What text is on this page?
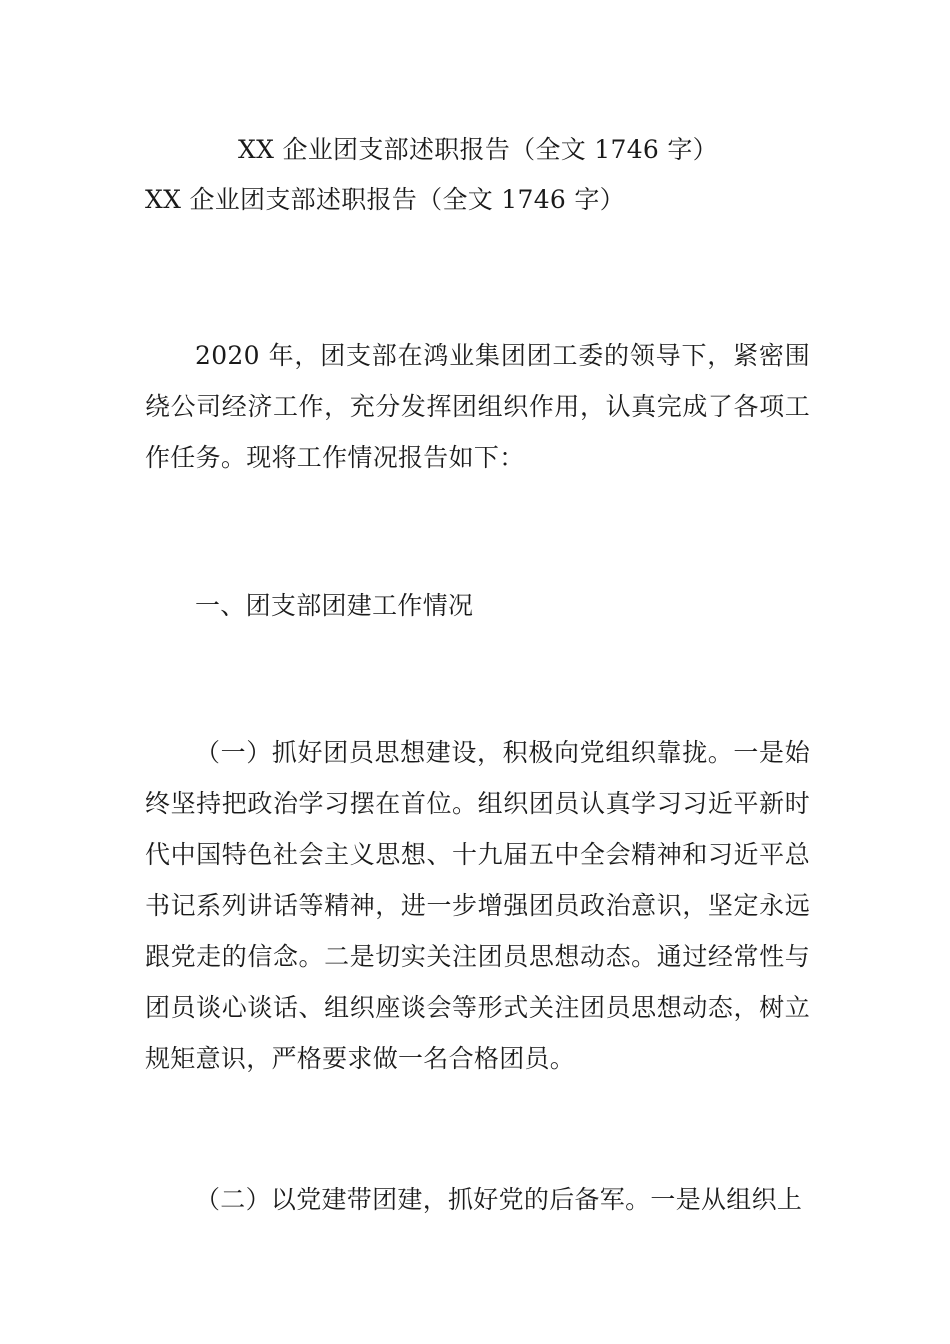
XX 企业团支部述职报告（全文 1746 字）
XX 企业团支部述职报告（全文 1746 字）
2020 年，团支部在鸿业集团团工委的领导下，紧密围绕公司经济工作，充分发挥团组织作用，认真完成了各项工作任务。现将工作情况报告如下：
一、团支部团建工作情况
（一）抓好团员思想建设，积极向党组织靠拢。一是始终坚持把政治学习摆在首位。组织团员认真学习习近平新时代中国特色社会主义思想、十九届五中全会精神和习近平总书记系列讲话等精神，进一步增强团员政治意识，坚定永远跟党走的信念。二是切实关注团员思想动态。通过经常性与团员谈心谈话、组织座谈会等形式关注团员思想动态，树立规矩意识，严格要求做一名合格团员。
（二）以党建带团建，抓好党的后备军。一是从组织上
